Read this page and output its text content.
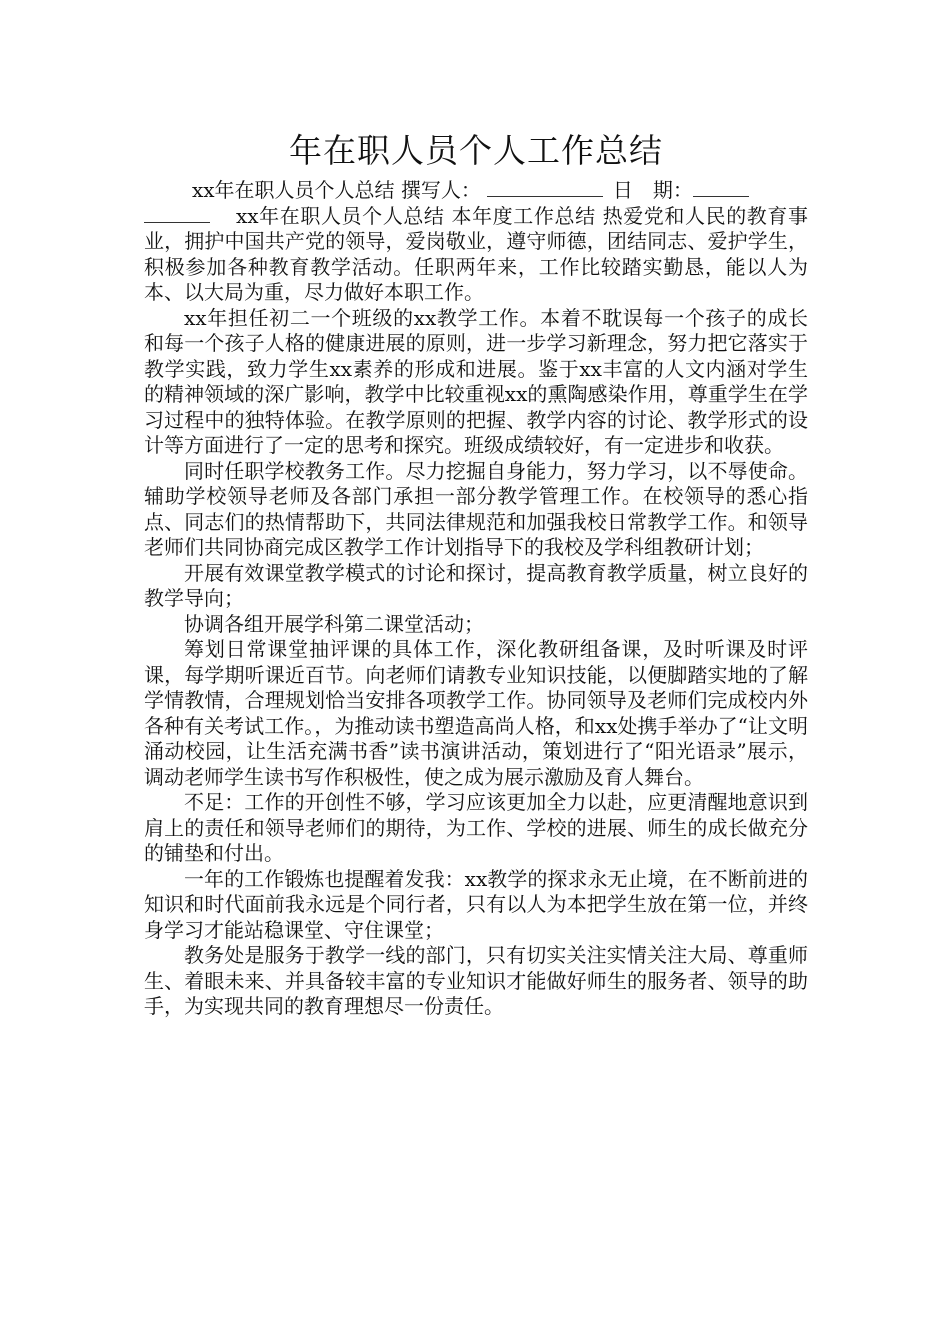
年在职人员个人工作总结

xx年在职人员个人总结 撰写人：	日　期：
xx年在职人员个人总结 本年度工作总结 热爱党和人民的教育事业，拥护中国共产党的领导，爱岗敬业，遵守师德，团结同志、爱护学生，积极参加各种教育教学活动。任职两年来，工作比较踏实勤恳，能以人为本、以大局为重，尽力做好本职工作。

xx年担任初二一个班级的xx教学工作。本着不耽误每一个孩子的成长和每一个孩子人格的健康进展的原则，进一步学习新理念，努力把它落实于教学实践，致力学生xx素养的形成和进展。鉴于xx丰富的人文内涵对学生的精神领域的深广影响，教学中比较重视xx的熏陶感染作用，尊重学生在学习过程中的独特体验。在教学原则的把握、教学内容的讨论、教学形式的设计等方面进行了一定的思考和探究。班级成绩较好，有一定进步和收获。

同时任职学校教务工作。尽力挖掘自身能力，努力学习，以不辱使命。辅助学校领导老师及各部门承担一部分教学管理工作。在校领导的悉心指点、同志们的热情帮助下，共同法律规范和加强我校日常教学工作。和领导老师们共同协商完成区教学工作计划指导下的我校及学科组教研计划；

开展有效课堂教学模式的讨论和探讨，提高教育教学质量，树立良好的教学导向；

协调各组开展学科第二课堂活动；

筹划日常课堂抽评课的具体工作，深化教研组备课，及时听课及时评课，每学期听课近百节。向老师们请教专业知识技能，以便脚踏实地的了解学情教情，合理规划恰当安排各项教学工作。协同领导及老师们完成校内外各种有关考试工作。，为推动读书塑造高尚人格，和xx处携手举办了“让文明涌动校园，让生活充满书香”读书演讲活动，策划进行了“阳光语录”展示，调动老师学生读书写作积极性，使之成为展示激励及育人舞台。

不足：工作的开创性不够，学习应该更加全力以赴，应更清醒地意识到肩上的责任和领导老师们的期待，为工作、学校的进展、师生的成长做充分的铺垫和付出。

一年的工作锻炼也提醒着发我：xx教学的探求永无止境，在不断前进的知识和时代面前我永远是个同行者，只有以人为本把学生放在第一位，并终身学习才能站稳课堂、守住课堂；

教务处是服务于教学一线的部门，只有切实关注实情关注大局、尊重师生、着眼未来、并具备较丰富的专业知识才能做好师生的服务者、领导的助手，为实现共同的教育理想尽一份责任。
